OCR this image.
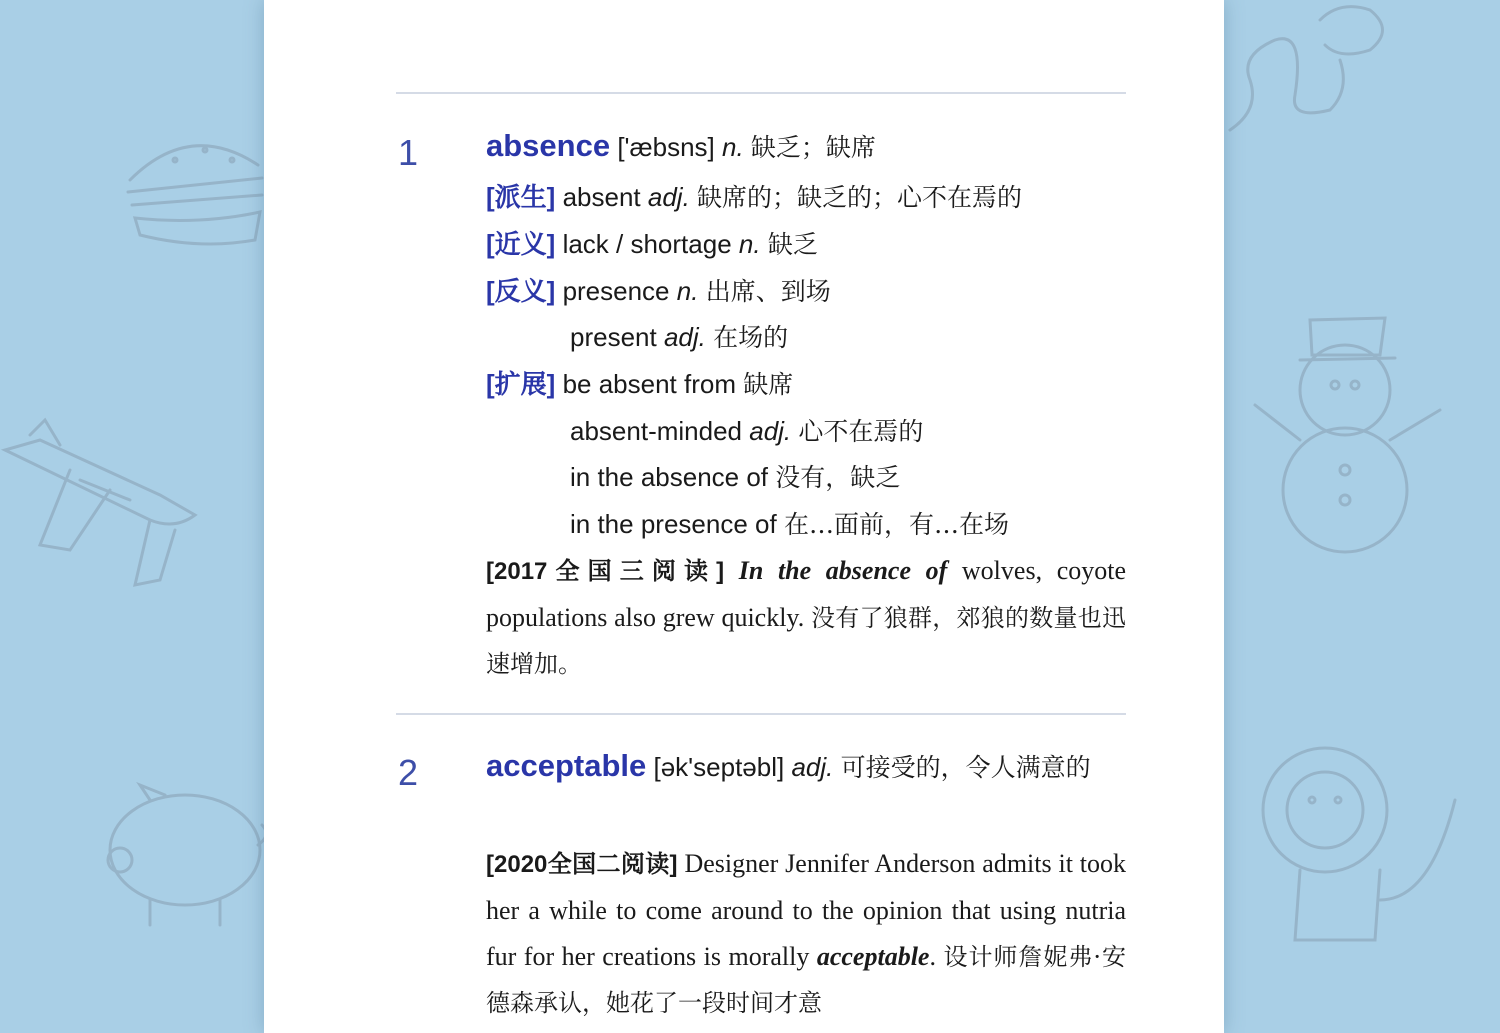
1 absence ['æbsns] n. 缺乏；缺席
[派生] absent adj. 缺席的；缺乏的；心不在焉的
[近义] lack / shortage n. 缺乏
[反义] presence n. 出席、到场
present adj. 在场的
[扩展] be absent from 缺席
absent-minded adj. 心不在焉的
in the absence of 没有，缺乏
in the presence of 在…面前，有…在场
[2017全国三阅读] In the absence of wolves, coyote populations also grew quickly. 没有了狼群，郊狼的数量也迅速增加。
2 acceptable [ək'septəbl] adj. 可接受的，令人满意的
[2020全国二阅读] Designer Jennifer Anderson admits it took her a while to come around to the opinion that using nutria fur for her creations is morally acceptable. 设计师詹妮弗·安德森承认，她花了一段时间才意
